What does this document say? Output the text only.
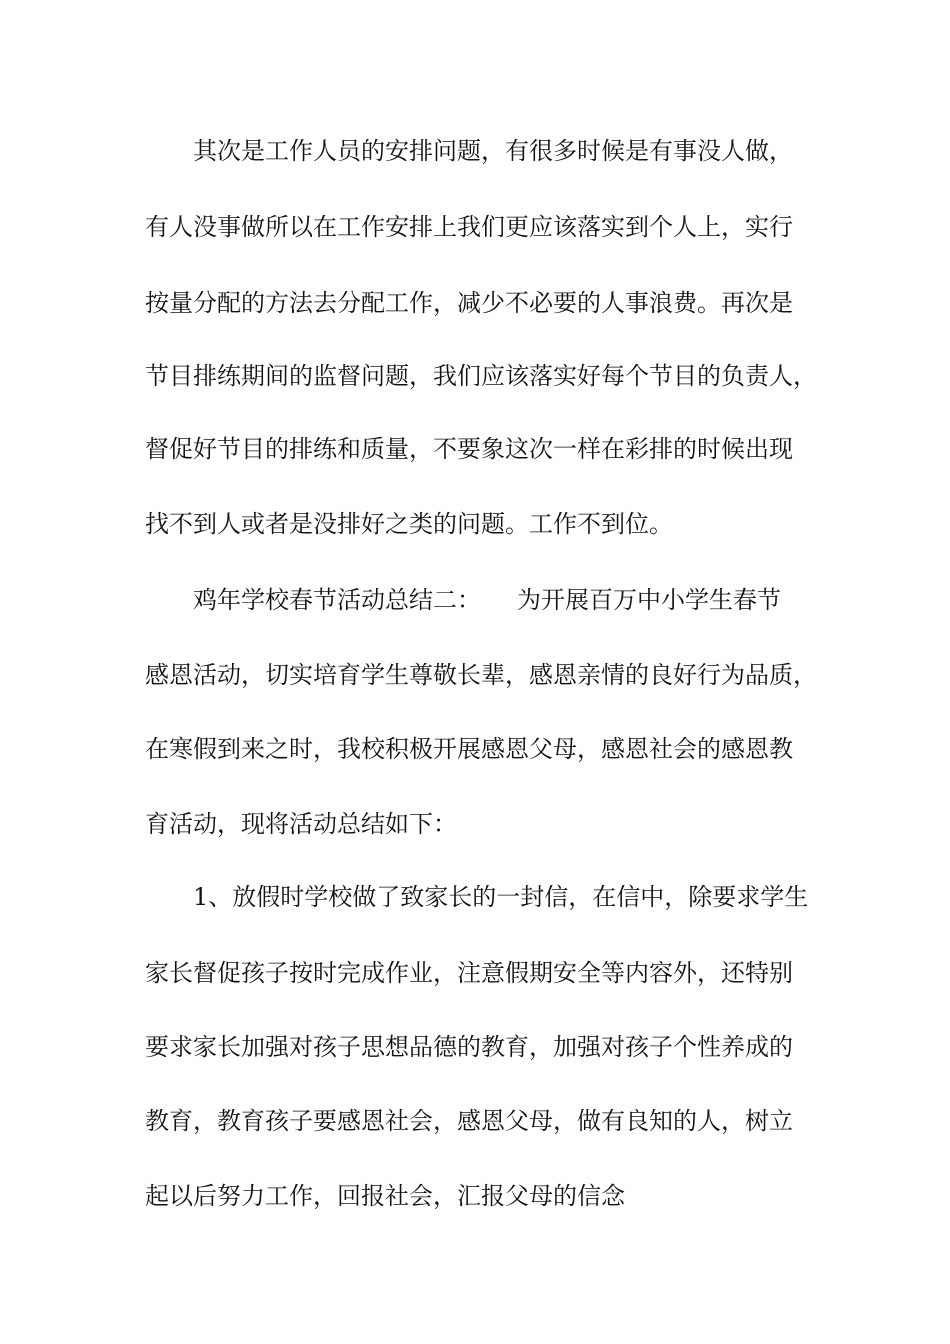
其次是工作人员的安排问题，有很多时候是有事没人做，
有人没事做所以在工作安排上我们更应该落实到个人上，实行
按量分配的方法去分配工作，减少不必要的人事浪费。再次是
节目排练期间的监督问题，我们应该落实好每个节目的负责人，
督促好节目的排练和质量，不要象这次一样在彩排的时候出现
找不到人或者是没排好之类的问题。工作不到位。
鸡年学校春节活动总结二：　　为开展百万中小学生春节
感恩活动，切实培育学生尊敬长辈，感恩亲情的良好行为品质，
在寒假到来之时，我校积极开展感恩父母，感恩社会的感恩教
育活动，现将活动总结如下：
1、放假时学校做了致家长的一封信，在信中，除要求学生
家长督促孩子按时完成作业，注意假期安全等内容外，还特别
要求家长加强对孩子思想品德的教育，加强对孩子个性养成的
教育，教育孩子要感恩社会，感恩父母，做有良知的人，树立
起以后努力工作，回报社会，汇报父母的信念
